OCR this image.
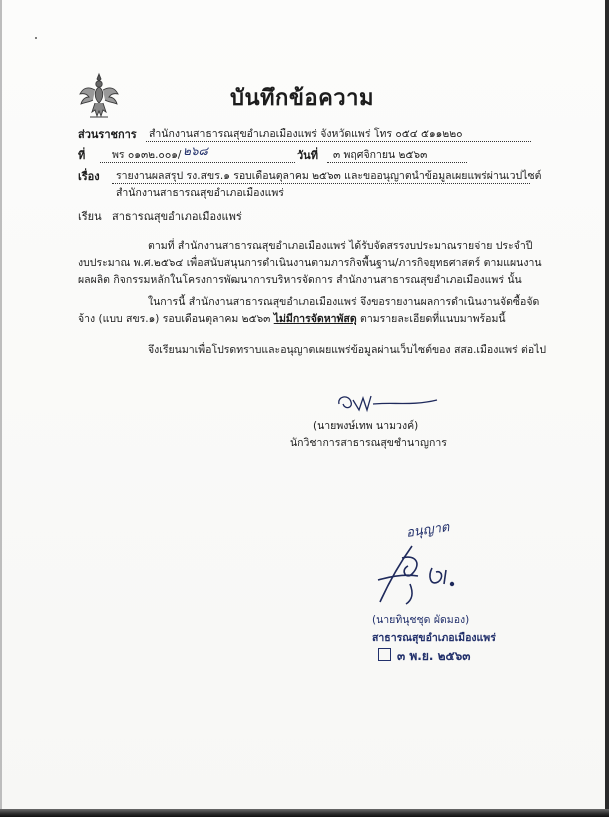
บันทึกข้อความ
ส่วนราชการ สำนักงานสาธารณสุขอำเภอเมืองแพร่ จังหวัดแพร่ โทร ๐๕๔ ๕๑๑๒๒๐
ที่	พร ๐๑๓๒.๐๐๑/ ๒๖๘	วันที่ ๓ พฤศจิกายน ๒๕๖๓
เรื่อง รายงานผลสรุป รง.สขร.๑ รอบเดือนตุลาคม ๒๕๖๓ และขออนุญาตนำข้อมูลเผยแพร่ผ่านเวปไซต์
สำนักงานสาธารณสุขอำเภอเมืองแพร่
เรียน สาธารณสุขอำเภอเมืองแพร่
ตามที่ สำนักงานสาธารณสุขอำเภอเมืองแพร่ ได้รับจัดสรรงบประมาณรายจ่าย ประจำปี
งบประมาณ พ.ศ.๒๕๖๔ เพื่อสนับสนุนการดำเนินงานตามภารกิจพื้นฐาน/ภารกิจยุทธศาสตร์ ตามแผนงาน
ผลผลิต กิจกรรมหลักในโครงการพัฒนาการบริหารจัดการ สำนักงานสาธารณสุขอำเภอเมืองแพร่ นั้น
ในการนี้ สำนักงานสาธารณสุขอำเภอเมืองแพร่ จึงขอรายงานผลการดำเนินงานจัดซื้อจัด
จ้าง (แบบ สขร.๑) รอบเดือนตุลาคม ๒๕๖๓ ไม่มีการจัดหาพัสดุ ตามรายละเอียดที่แนบมาพร้อมนี้
จึงเรียนมาเพื่อโปรดทราบและอนุญาตเผยแพร่ข้อมูลผ่านเว็บไซต์ของ สสอ.เมืองแพร่ ต่อไป
(นายพงษ์เทพ นามวงค์)
นักวิชาการสาธารณสุขชำนาญการ
อนุญาต
(นายทินุชชุด ผัดมอง)
สาธารณสุขอำเภอเมืองแพร่
๓ พ.ย. ๒๕๖๓
